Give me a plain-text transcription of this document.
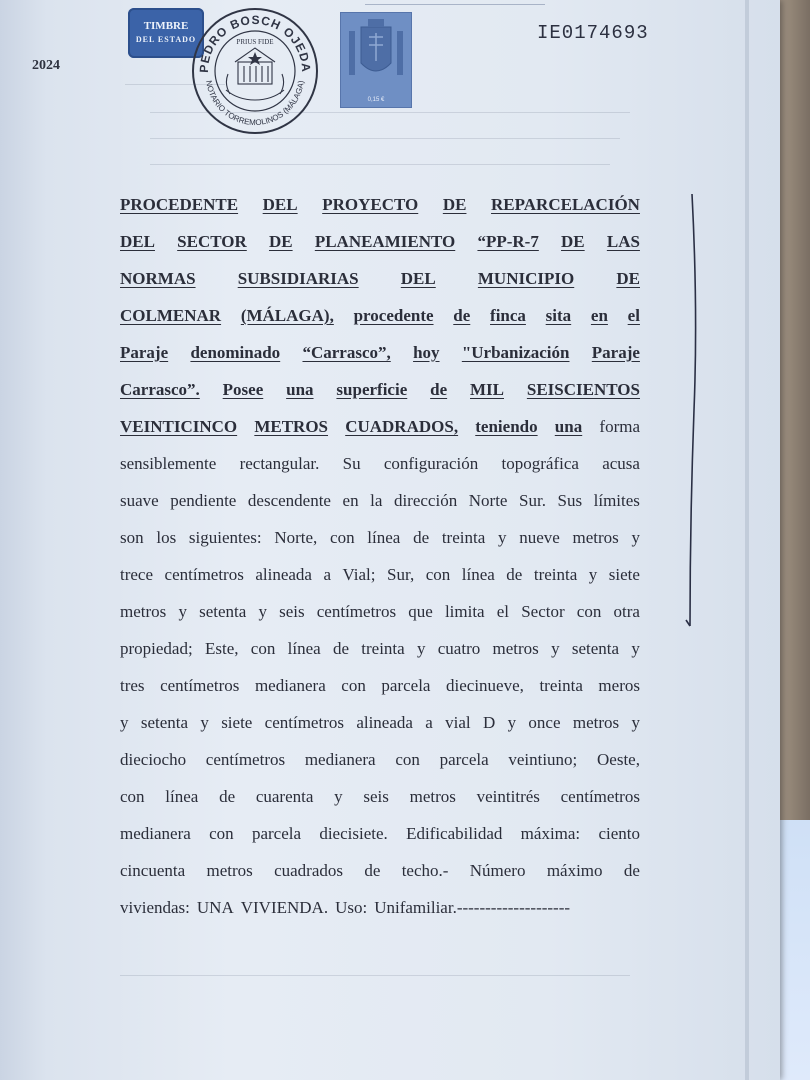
2024
TIMBRE
DEL ESTADO
PEDRO BOSCH OJEDA
NOTARIO TORREMOLINOS (MÁLAGA)
PRIUS FIDE
0,15 €
IE0174693
PROCEDENTE DEL PROYECTO DE REPARCELACIÓN
DEL SECTOR DE PLANEAMIENTO “PP-R-7 DE LAS
NORMAS SUBSIDIARIAS DEL MUNICIPIO DE
COLMENAR (MÁLAGA), procedente de finca sita en el
Paraje denominado “Carrasco”, hoy "Urbanización Paraje
Carrasco”. Posee una superficie de MIL SEISCIENTOS
VEINTICINCO METROS CUADRADOS, teniendo una forma
sensiblemente rectangular. Su configuración topográfica acusa
suave pendiente descendente en la dirección Norte Sur. Sus límites
son los siguientes: Norte, con línea de treinta y nueve metros y
trece centímetros alineada a Vial; Sur, con línea de treinta y siete
metros y setenta y seis centímetros que limita el Sector con otra
propiedad; Este, con línea de treinta y cuatro metros y setenta y
tres centímetros medianera con parcela diecinueve, treinta meros
y setenta y siete centímetros alineada a vial D y once metros y
dieciocho centímetros medianera con parcela veintiuno; Oeste,
con línea de cuarenta y seis metros veintitrés centímetros
medianera con parcela diecisiete. Edificabilidad máxima: ciento
cincuenta metros cuadrados de techo.- Número máximo de
viviendas: UNA VIVIENDA. Uso: Unifamiliar.--------------------
